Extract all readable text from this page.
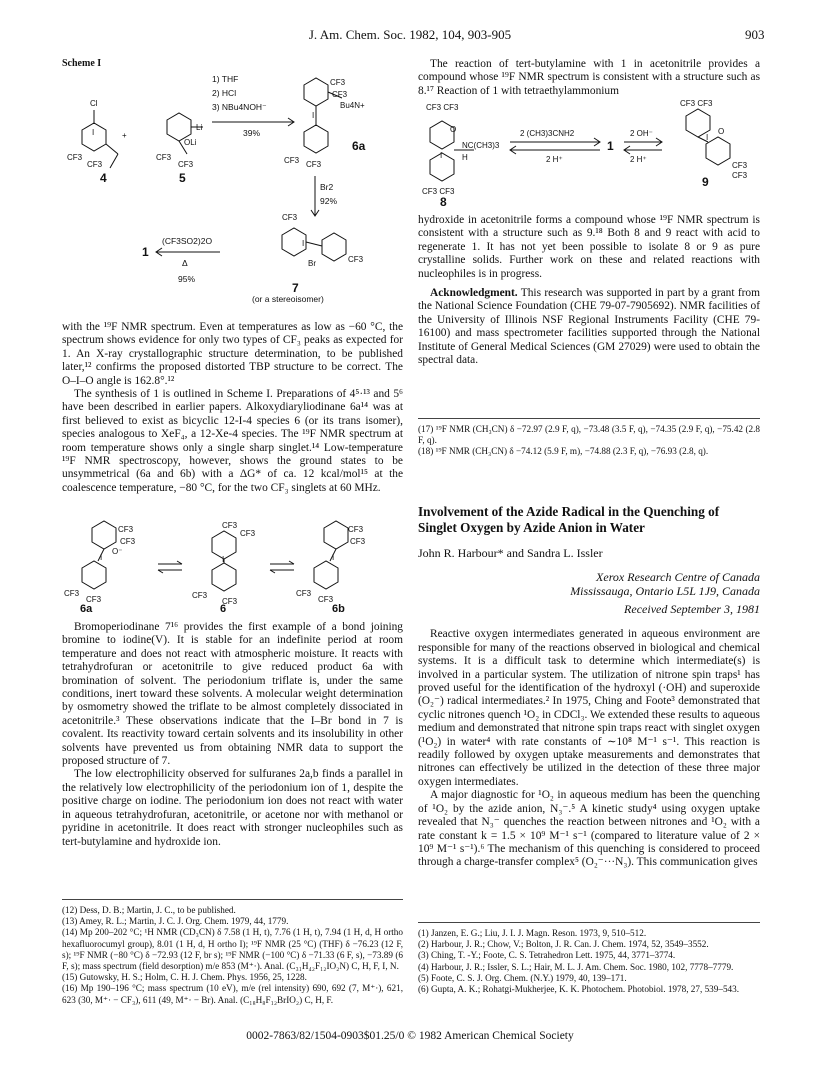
J. Am. Chem. Soc. 1982, 104, 903-905	903
Scheme I
Cl
I
CF3
CF3
+
Li
OLi
CF3
CF3
CF3
CF3
Bu4N+
I
CF3 CF3
I
CF3
CF3
Br
1) THF
2) HCl
3) NBu4NOH⁻
39%
Br2
92%
(CF3SO2)2O
Δ
95%
(or a stereoisomer)
4	5
6a
1
7

with the ¹⁹F NMR spectrum. Even at temperatures as low as −60 °C, the spectrum shows evidence for only two types of CF₃ peaks as expected for 1. An X-ray crystallographic structure determination, to be published later,¹² confirms the proposed distorted TBP structure to be correct. The O–I–O angle is 162.8°.¹²

The synthesis of 1 is outlined in Scheme I. Preparations of 4⁵·¹³ and 5⁶ have been described in earlier papers. Alkoxydiaryliodinane 6a¹⁴ was at first believed to exist as bicyclic 12-I-4 species 6 (or its trans isomer), species analogous to XeF₄, a 12-Xe-4 species. The ¹⁹F NMR spectrum at room temperature shows only a single sharp singlet.¹⁴ Low-temperature ¹⁹F NMR spectroscopy, however, shows the ground states to be unsymmetrical (6a and 6b) with a ΔG* of ca. 12 kcal/mol¹⁵ at the coalescence temperature, −80 °C, for the two CF₃ singlets at 60 MHz.

CF3
CF3
O⁻
I
CF3
CF3
CF3
CF3
I
CF3
CF3
CF3
CF3
I
CF3
CF3
6a	6	6b

Bromoperiodinane 7¹⁶ provides the first example of a bond joining bromine to iodine(V). It is stable for an indefinite period at room temperature and does not react with atmospheric moisture. It reacts with tetrahydrofuran or acetonitrile to give reduced product 6a with bromination of solvent. The periodonium triflate is, under the same conditions, inert toward these solvents. A molecular weight determination by osmometry showed the triflate to be almost completely dissociated in acetonitrile.³ These observations indicate that the I–Br bond in 7 is covalent. Its reactivity toward certain solvents and its insolubility in other solvents have prevented us from obtaining NMR data to support the proposed structure of 7.

The low electrophilicity observed for sulfuranes 2a,b finds a parallel in the relatively low electrophilicity of the periodonium ion of 1, despite the positive charge on iodine. The periodonium ion does not react with water in aqueous tetrahydrofuran, acetonitrile, or acetone nor with methanol or pyridine in acetonitrile. It does react with stronger nucleophiles such as tert-butylamine and hydroxide ion.

(12) Dess, D. B.; Martin, J. C., to be published.

(13) Amey, R. L.; Martin, J. C. J. Org. Chem. 1979, 44, 1779.

(14) Mp 200–202 °C; ¹H NMR (CD₃CN) δ 7.58 (1 H, t), 7.76 (1 H, t), 7.94 (1 H, d, H ortho hexafluorocumyl group), 8.01 (1 H, d, H ortho I); ¹⁹F NMR (25 °C) (THF) δ −76.23 (12 F, s); ¹⁹F NMR (−80 °C) δ −72.93 (12 F, br s); ¹⁹F NMR (−100 °C) δ −71.33 (6 F, s), −73.89 (6 F, s); mass spectrum (field desorption) m/e 853 (M⁺·). Anal. (C₃₁H₄₂F₁₂IO₂N) C, H, F, I, N.

(15) Gutowsky, H. S.; Holm, C. H. J. Chem. Phys. 1956, 25, 1228.

(16) Mp 190–196 °C; mass spectrum (10 eV), m/e (rel intensity) 690, 692 (7, M⁺·), 621, 623 (30, M⁺· − CF₃), 611 (49, M⁺· − Br). Anal. (C₁₈H₈F₁₂BrIO₂) C, H, F.

The reaction of tert-butylamine with 1 in acetonitrile provides a compound whose ¹⁹F NMR spectrum is consistent with a structure such as 8.¹⁷ Reaction of 1 with tetraethylammonium

CF3 CF3
O
NC(CH3)3
I H
CF3 CF3
CF3 CF3
I
O
CF3
CF3
2 (CH3)3CNH2
2 H⁺
2 OH⁻
2 H⁺
1
8
9

hydroxide in acetonitrile forms a compound whose ¹⁹F NMR spectrum is consistent with a structure such as 9.¹⁸ Both 8 and 9 react with acid to regenerate 1. It has not yet been possible to isolate 8 or 9 as pure crystalline solids. Further work on these and related reactions with nucleophiles is in progress.

Acknowledgment. This research was supported in part by a grant from the National Science Foundation (CHE 79-07-7905692). NMR facilities of the University of Illinois NSF Regional Instruments Facility (CHE 79-16100) and mass spectrometer facilities supported through the National Institute of General Medical Sciences (GM 27029) were used to obtain the spectral data.

(17) ¹⁹F NMR (CH₃CN) δ −72.97 (2.9 F, q), −73.48 (3.5 F, q), −74.35 (2.9 F, q), −75.42 (2.8 F, q).

(18) ¹⁹F NMR (CH₃CN) δ −74.12 (5.9 F, m), −74.88 (2.3 F, q), −76.93 (2.8, q).

Involvement of the Azide Radical in the Quenching of Singlet Oxygen by Azide Anion in Water
John R. Harbour* and Sandra L. Issler
Xerox Research Centre of Canada
Mississauga, Ontario L5L 1J9, Canada
Received September 3, 1981

Reactive oxygen intermediates generated in aqueous environment are responsible for many of the reactions observed in biological and chemical systems. It is a difficult task to determine which intermediate(s) is involved in a particular system. The utilization of nitrone spin traps¹ has proved useful for the identification of the hydroxyl (·OH) and superoxide (O₂⁻) radical intermediates.² In 1975, Ching and Foote³ demonstrated that cyclic nitrones quench ¹O₂ in CDCl₃. We extended these results to aqueous medium and demonstrated that nitrone spin traps react with singlet oxygen (¹O₂) in water⁴ with rate constants of ∼10⁸ M⁻¹ s⁻¹. This reaction is readily followed by oxygen uptake measurements and demonstrates that nitrones can effectively be utilized in the detection of these three major oxygen intermediates.

A major diagnostic for ¹O₂ in aqueous medium has been the quenching of ¹O₂ by the azide anion, N₃⁻.⁵ A kinetic study⁴ using oxygen uptake revealed that N₃⁻ quenches the reaction between nitrones and ¹O₂ with a rate constant k = 1.5 × 10⁹ M⁻¹ s⁻¹ (compared to literature value of 2 × 10⁹ M⁻¹ s⁻¹).⁶ The mechanism of this quenching is considered to proceed through a charge-transfer complex⁵ (O₂⁻···N₃). This communication gives

(1) Janzen, E. G.; Liu, J. I. J. Magn. Reson. 1973, 9, 510–512.

(2) Harbour, J. R.; Chow, V.; Bolton, J. R. Can. J. Chem. 1974, 52, 3549–3552.

(3) Ching, T. -Y.; Foote, C. S. Tetrahedron Lett. 1975, 44, 3771–3774.

(4) Harbour, J. R.; Issler, S. L.; Hair, M. L. J. Am. Chem. Soc. 1980, 102, 7778–7779.

(5) Foote, C. S. J. Org. Chem. (N.Y.) 1979, 40, 139–171.

(6) Gupta, A. K.; Rohatgi-Mukherjee, K. K. Photochem. Photobiol. 1978, 27, 539–543.

0002-7863/82/1504-0903$01.25/0 © 1982 American Chemical Society
